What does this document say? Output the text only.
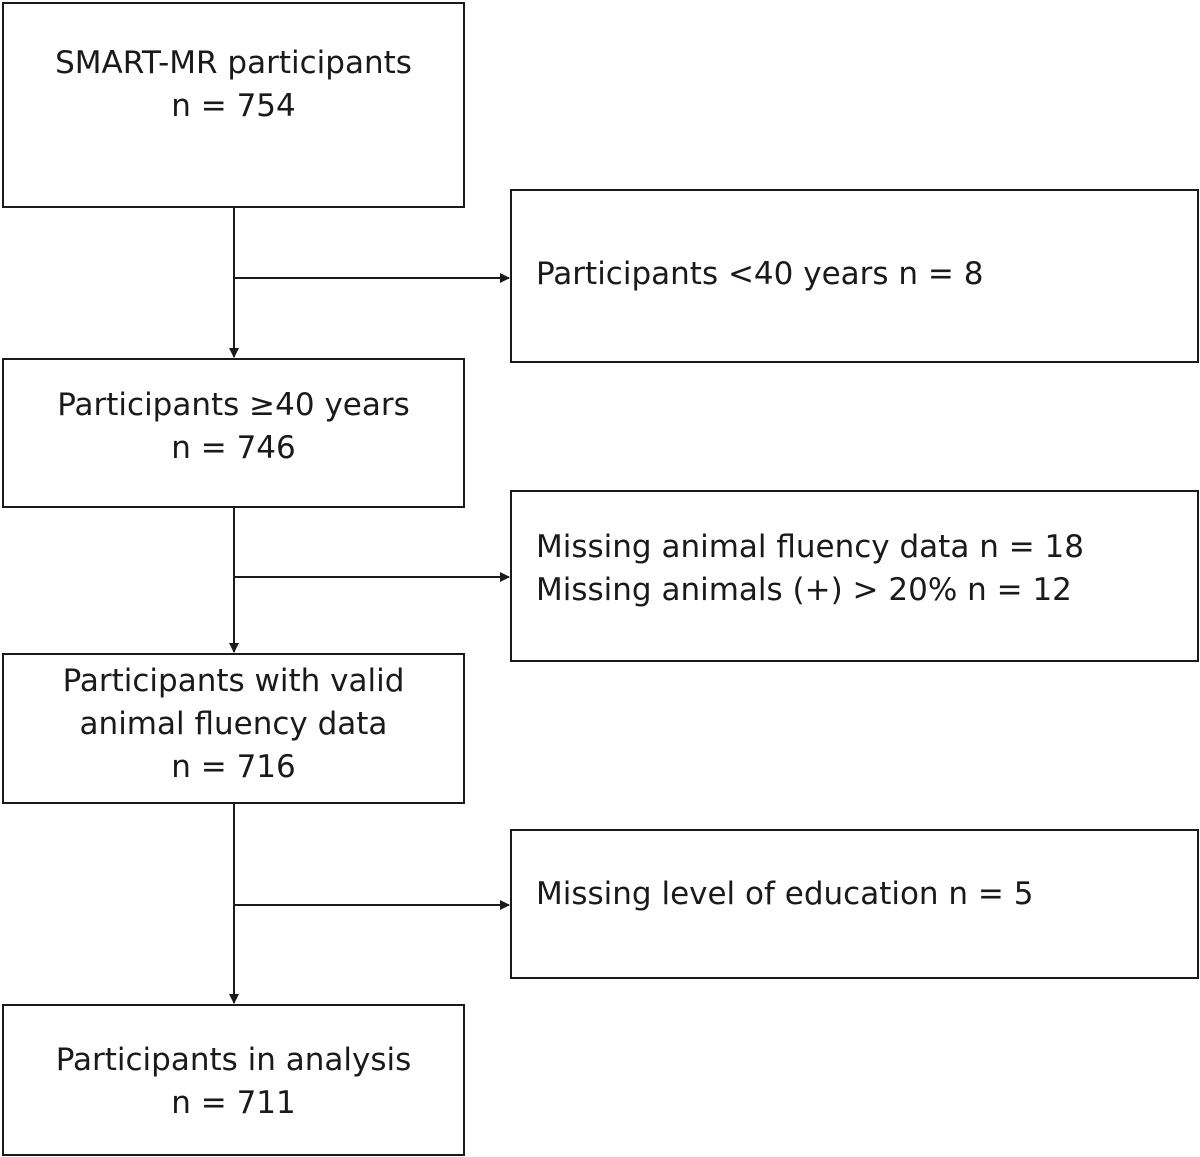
SMART-MR participants
n = 754
Participants ≥40 years
n = 746
Participants with valid
animal fluency data
n = 716
Participants in analysis
n = 711
Participants <40 years n = 8
Missing animal fluency data n = 18
Missing animals (+) > 20% n = 12
Missing level of education n = 5
